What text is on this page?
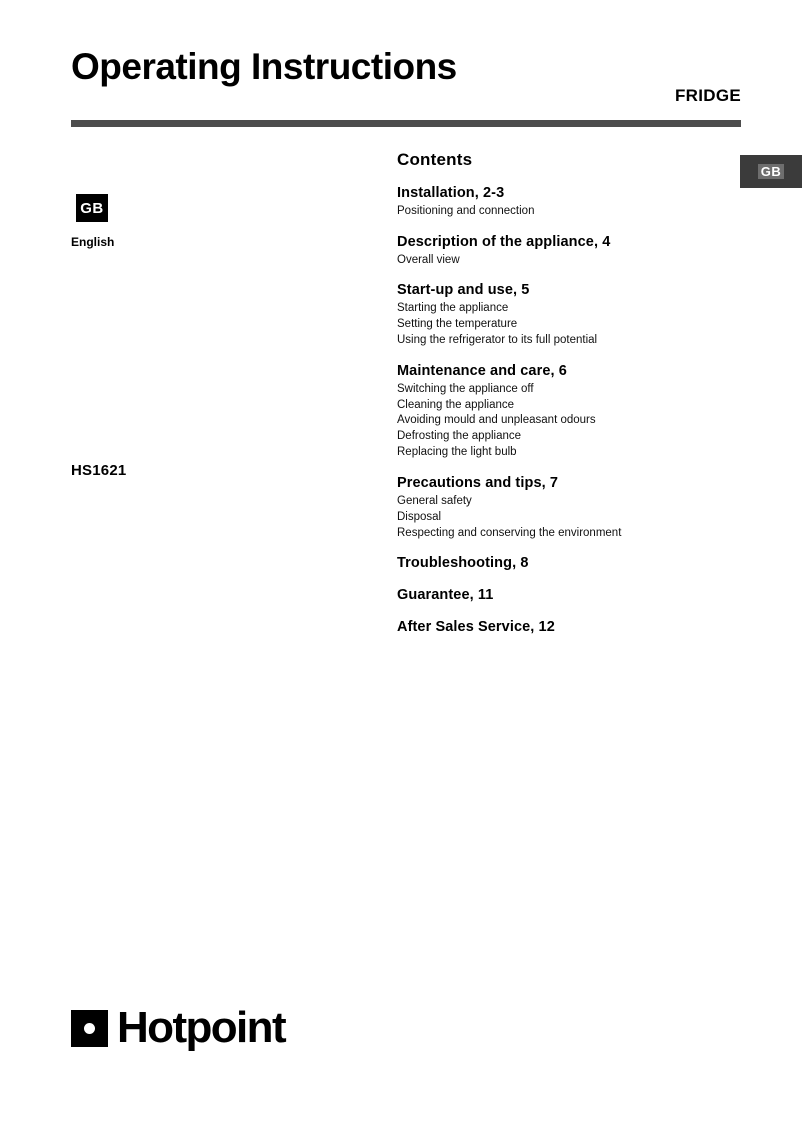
Operating Instructions
FRIDGE
GB
English
HS1621
GB
Contents
Installation, 2-3
Positioning and connection
Description of the appliance, 4
Overall view
Start-up and use, 5
Starting the appliance
Setting the temperature
Using the refrigerator to its full potential
Maintenance and care, 6
Switching the appliance off
Cleaning the appliance
Avoiding mould and unpleasant odours
Defrosting the appliance
Replacing the light bulb
Precautions and tips, 7
General safety
Disposal
Respecting and conserving the environment
Troubleshooting, 8
Guarantee, 11
After Sales Service, 12
Hotpoint
